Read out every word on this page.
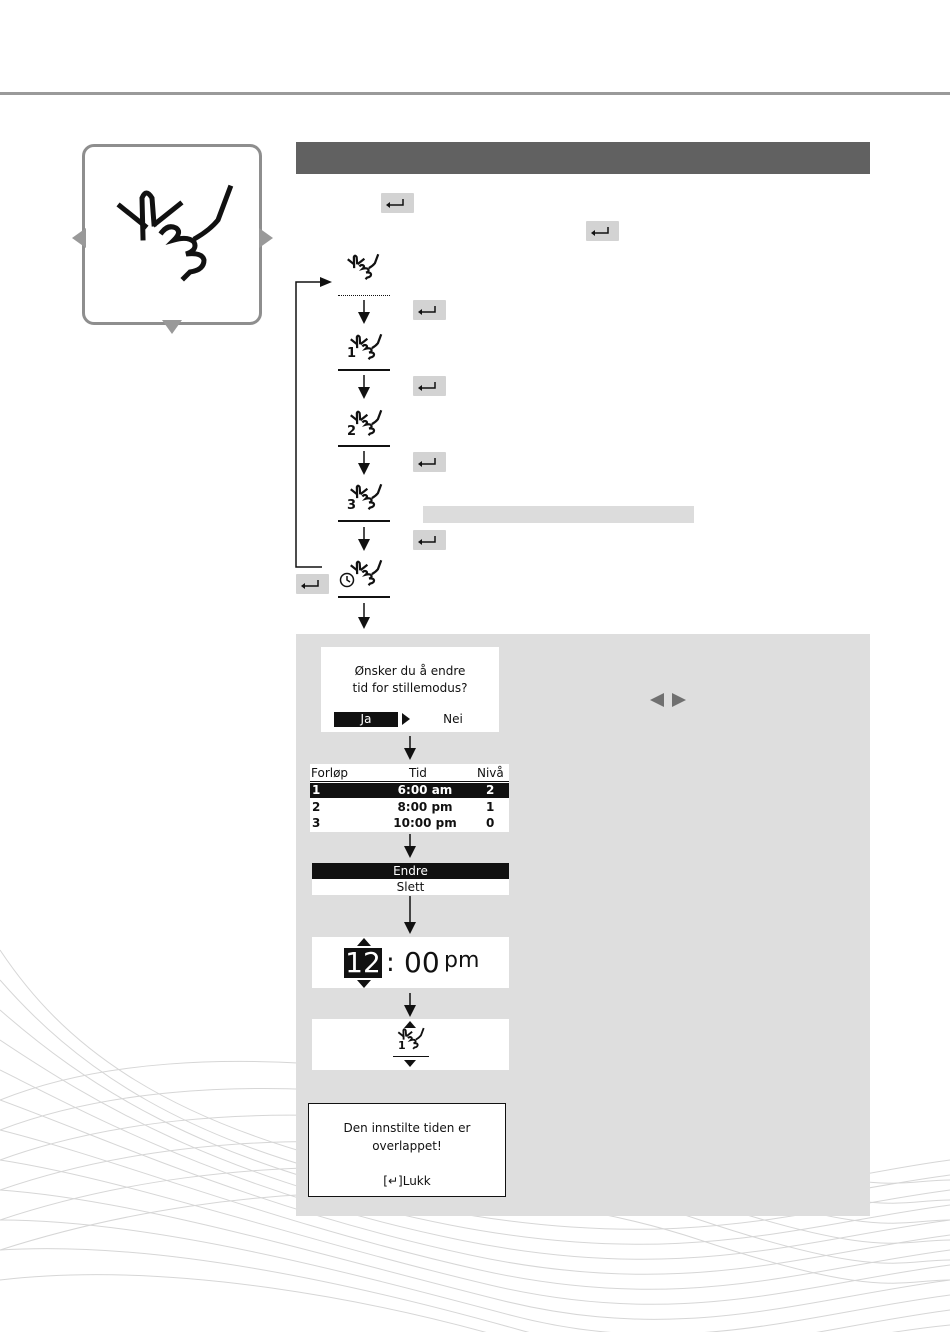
1
2
3
Ønsker du å endre
tid for stillemodus?
Ja	Nei
Forløp	Tid	Nivå
1	6:00 am	2
2	8:00 pm	1
3	10:00 pm	0
Endre
Slett
12 : 00 pm
1
Den innstilte tiden er
overlappet!
[↵]Lukk
